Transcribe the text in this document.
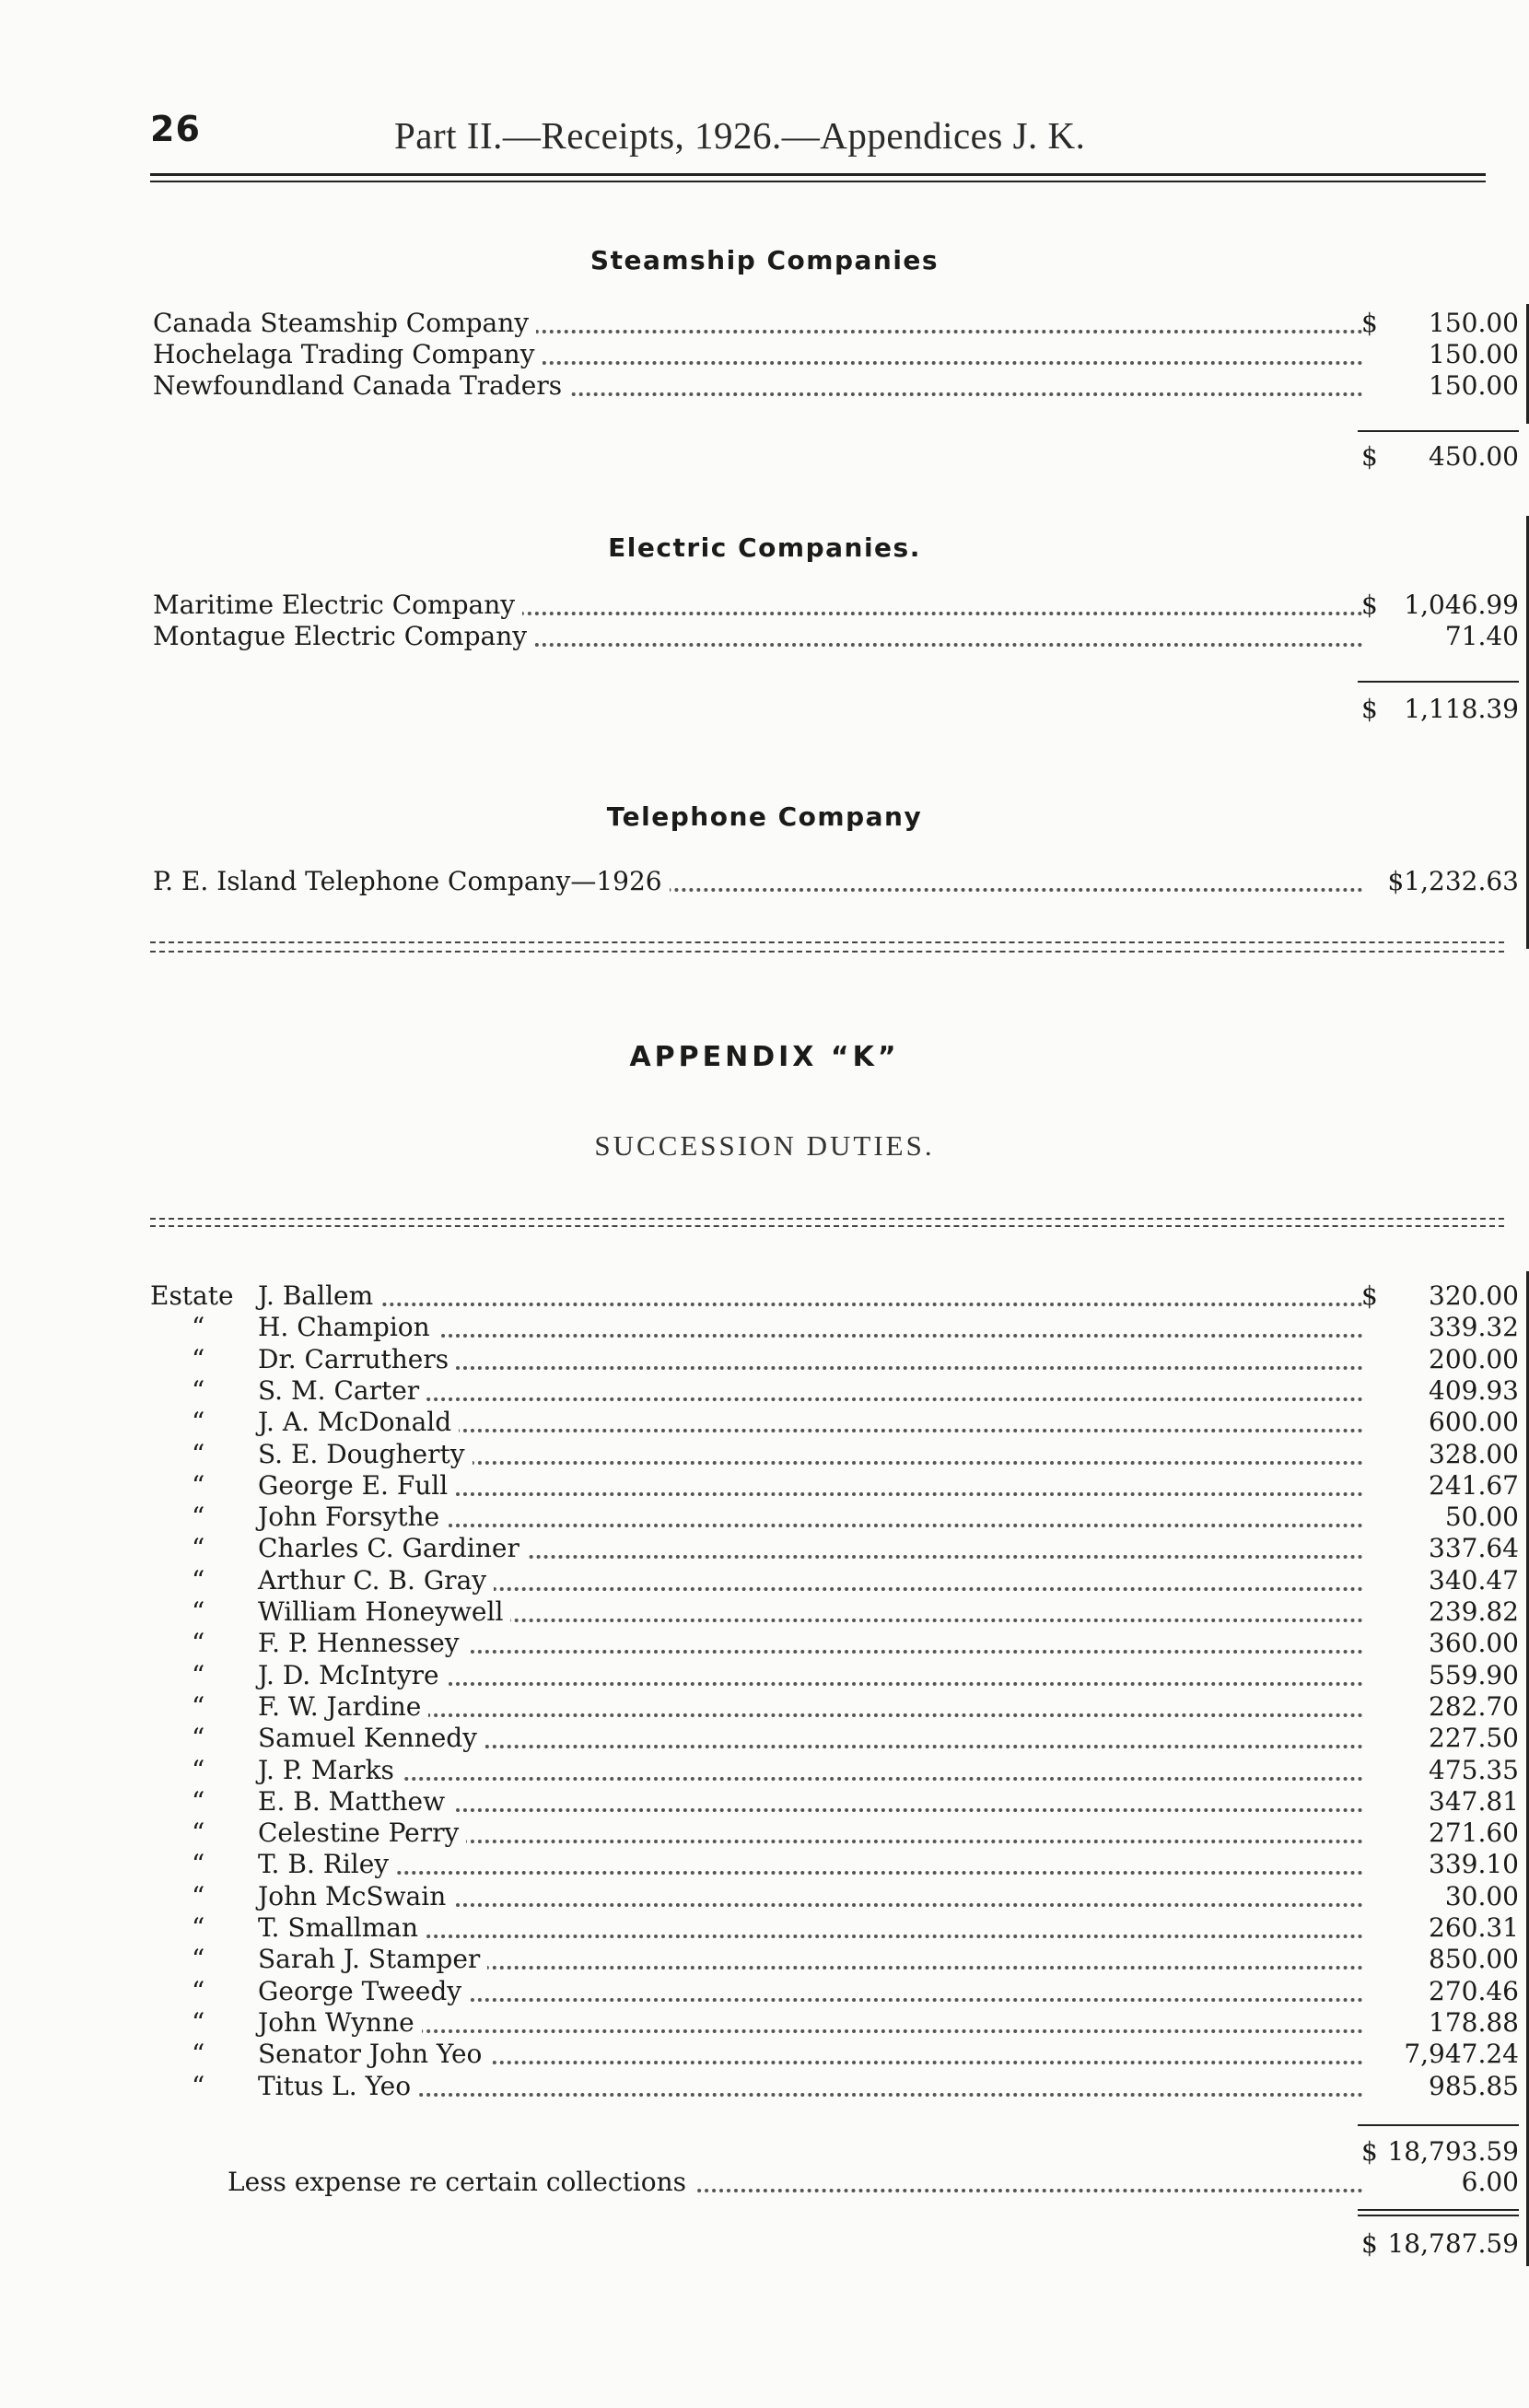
26	Part II.—Receipts, 1926.—Appendices J. K.
Steamship Companies
Canada Steamship Company	$	150.00
Hochelaga Trading Company	150.00
Newfoundland Canada Traders	150.00
$	450.00
Electric Companies.
Maritime Electric Company	$	1,046.99
Montague Electric Company	71.40
$	1,118.39
Telephone Company
P. E. Island Telephone Company—1926	$1,232.63
APPENDIX “K”
SUCCESSION DUTIES.
Estate J. Ballem	$	320.00
“ H. Champion	339.32
“ Dr. Carruthers	200.00
“ S. M. Carter	409.93
“ J. A. McDonald	600.00
“ S. E. Dougherty	328.00
“ George E. Full	241.67
“ John Forsythe	50.00
“ Charles C. Gardiner	337.64
“ Arthur C. B. Gray	340.47
“ William Honeywell	239.82
“ F. P. Hennessey	360.00
“ J. D. McIntyre	559.90
“ F. W. Jardine	282.70
“ Samuel Kennedy	227.50
“ J. P. Marks	475.35
“ E. B. Matthew	347.81
“ Celestine Perry	271.60
“ T. B. Riley	339.10
“ John McSwain	30.00
“ T. Smallman	260.31
“ Sarah J. Stamper	850.00
“ George Tweedy	270.46
“ John Wynne	178.88
“ Senator John Yeo	7,947.24
“ Titus L. Yeo	985.85
$ 18,793.59
Less expense re certain collections	6.00
$ 18,787.59
